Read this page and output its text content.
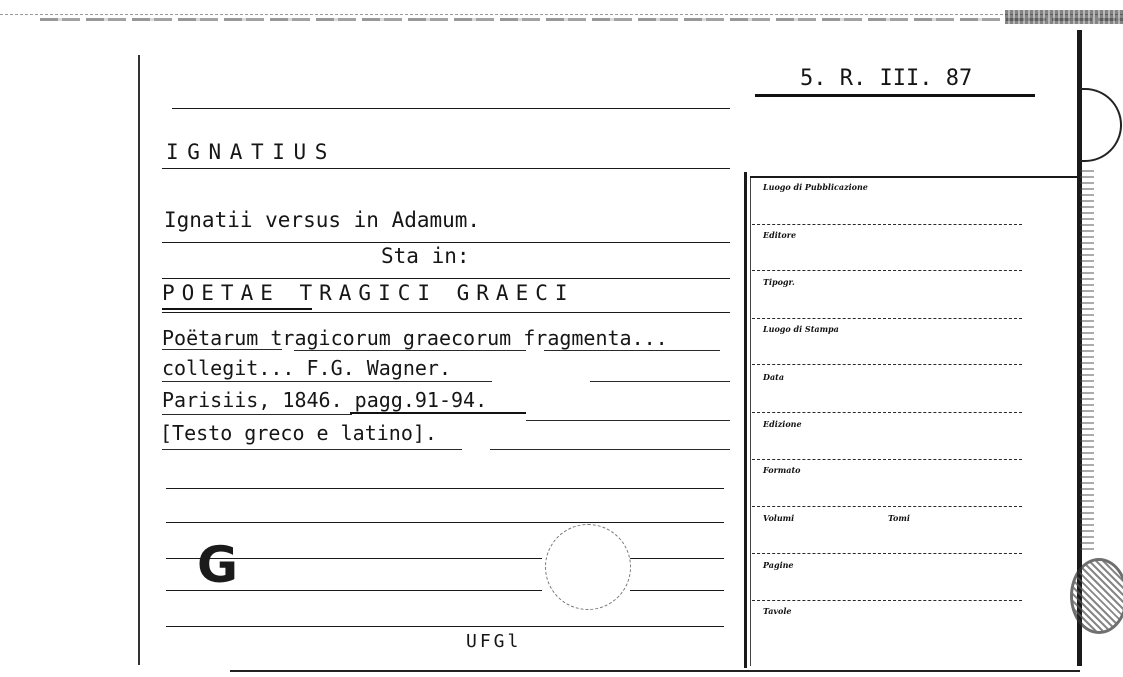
5. R. III. 87
IGNATIUS
Ignatii versus in Adamum.
Sta in:
POETAE TRAGICI GRAECI
Poëtarum tragicorum graecorum fragmenta...
collegit... F.G. Wagner.
Parisiis, 1846. pagg.91-94.
[Testo greco e latino].
G
UFGl
Luogo di Pubblicazione
Editore
Tipogr.
Luogo di Stampa
Data
Edizione
Formato
Volumi	Tomi
Pagine
Tavole
